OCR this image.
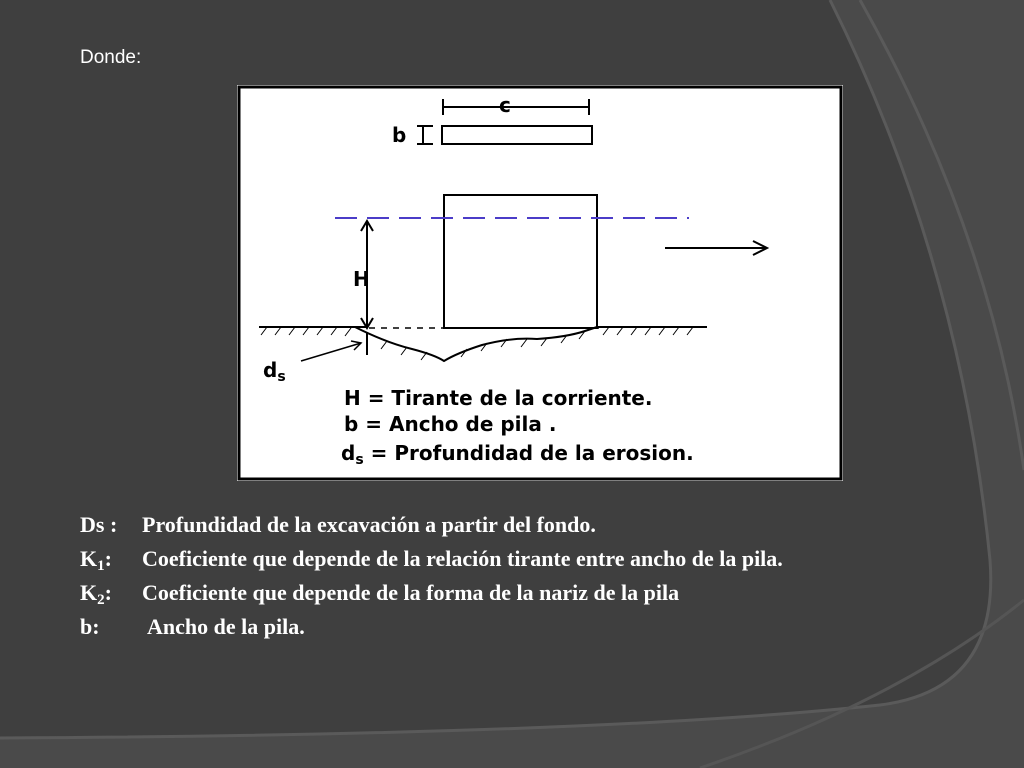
Donde:
c
b
H
$d_s$
H = Tirante de la corriente.
b = Ancho de pila .
$d_s$ = Profundidad de la erosion.
Ds :	Profundidad de la excavación a partir del fondo.
$K_1$:	Coeficiente que depende de la relación tirante entre ancho de la pila.
$K_2$:	Coeficiente que depende de la forma de la nariz de la pila
b:	Ancho de la pila.
